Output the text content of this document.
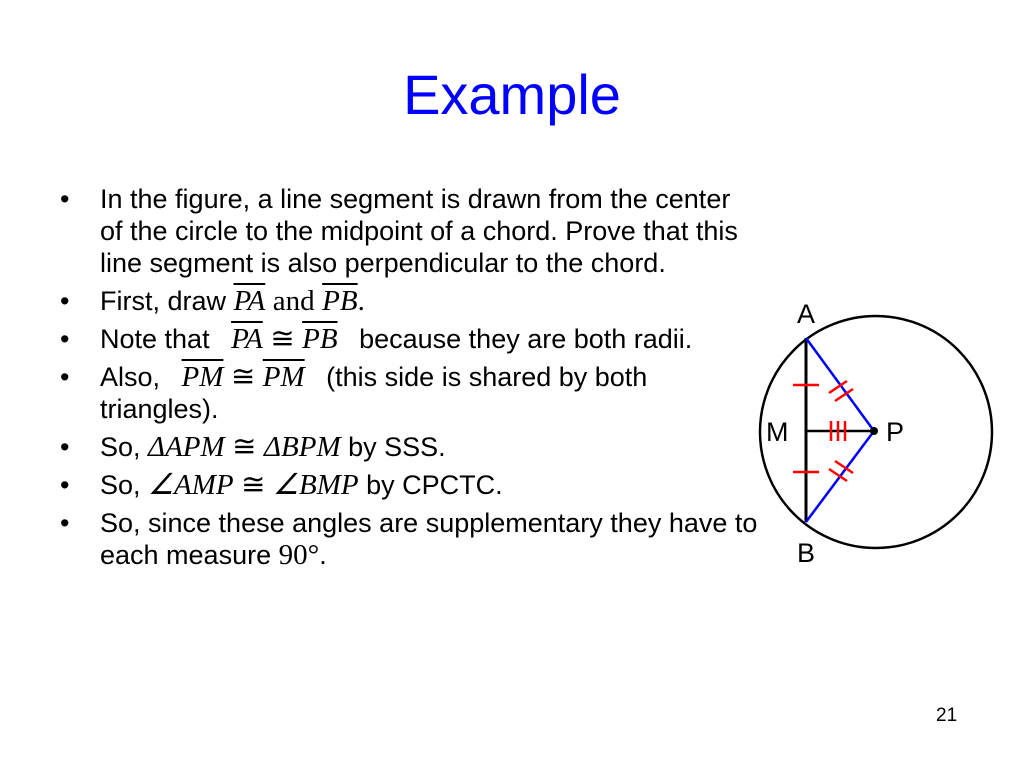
Example
• In the figure, a line segment is drawn from the center of the circle to the midpoint of a chord. Prove that this line segment is also perpendicular to the chord.
• First, draw $\overline{PA}$ and $\overline{PB}$.
• Note that $\overline{PA}$ ≅ $\overline{PB}$ because they are both radii.
• Also, $\overline{PM}$ ≅ $\overline{PM}$ (this side is shared by both triangles).
• So, ΔAPM ≅ ΔBPM by SSS.
• So, ∠AMP ≅ ∠BMP by CPCTC.
• So, since these angles are supplementary they have to each measure 90°.
A
B
M	P
21
